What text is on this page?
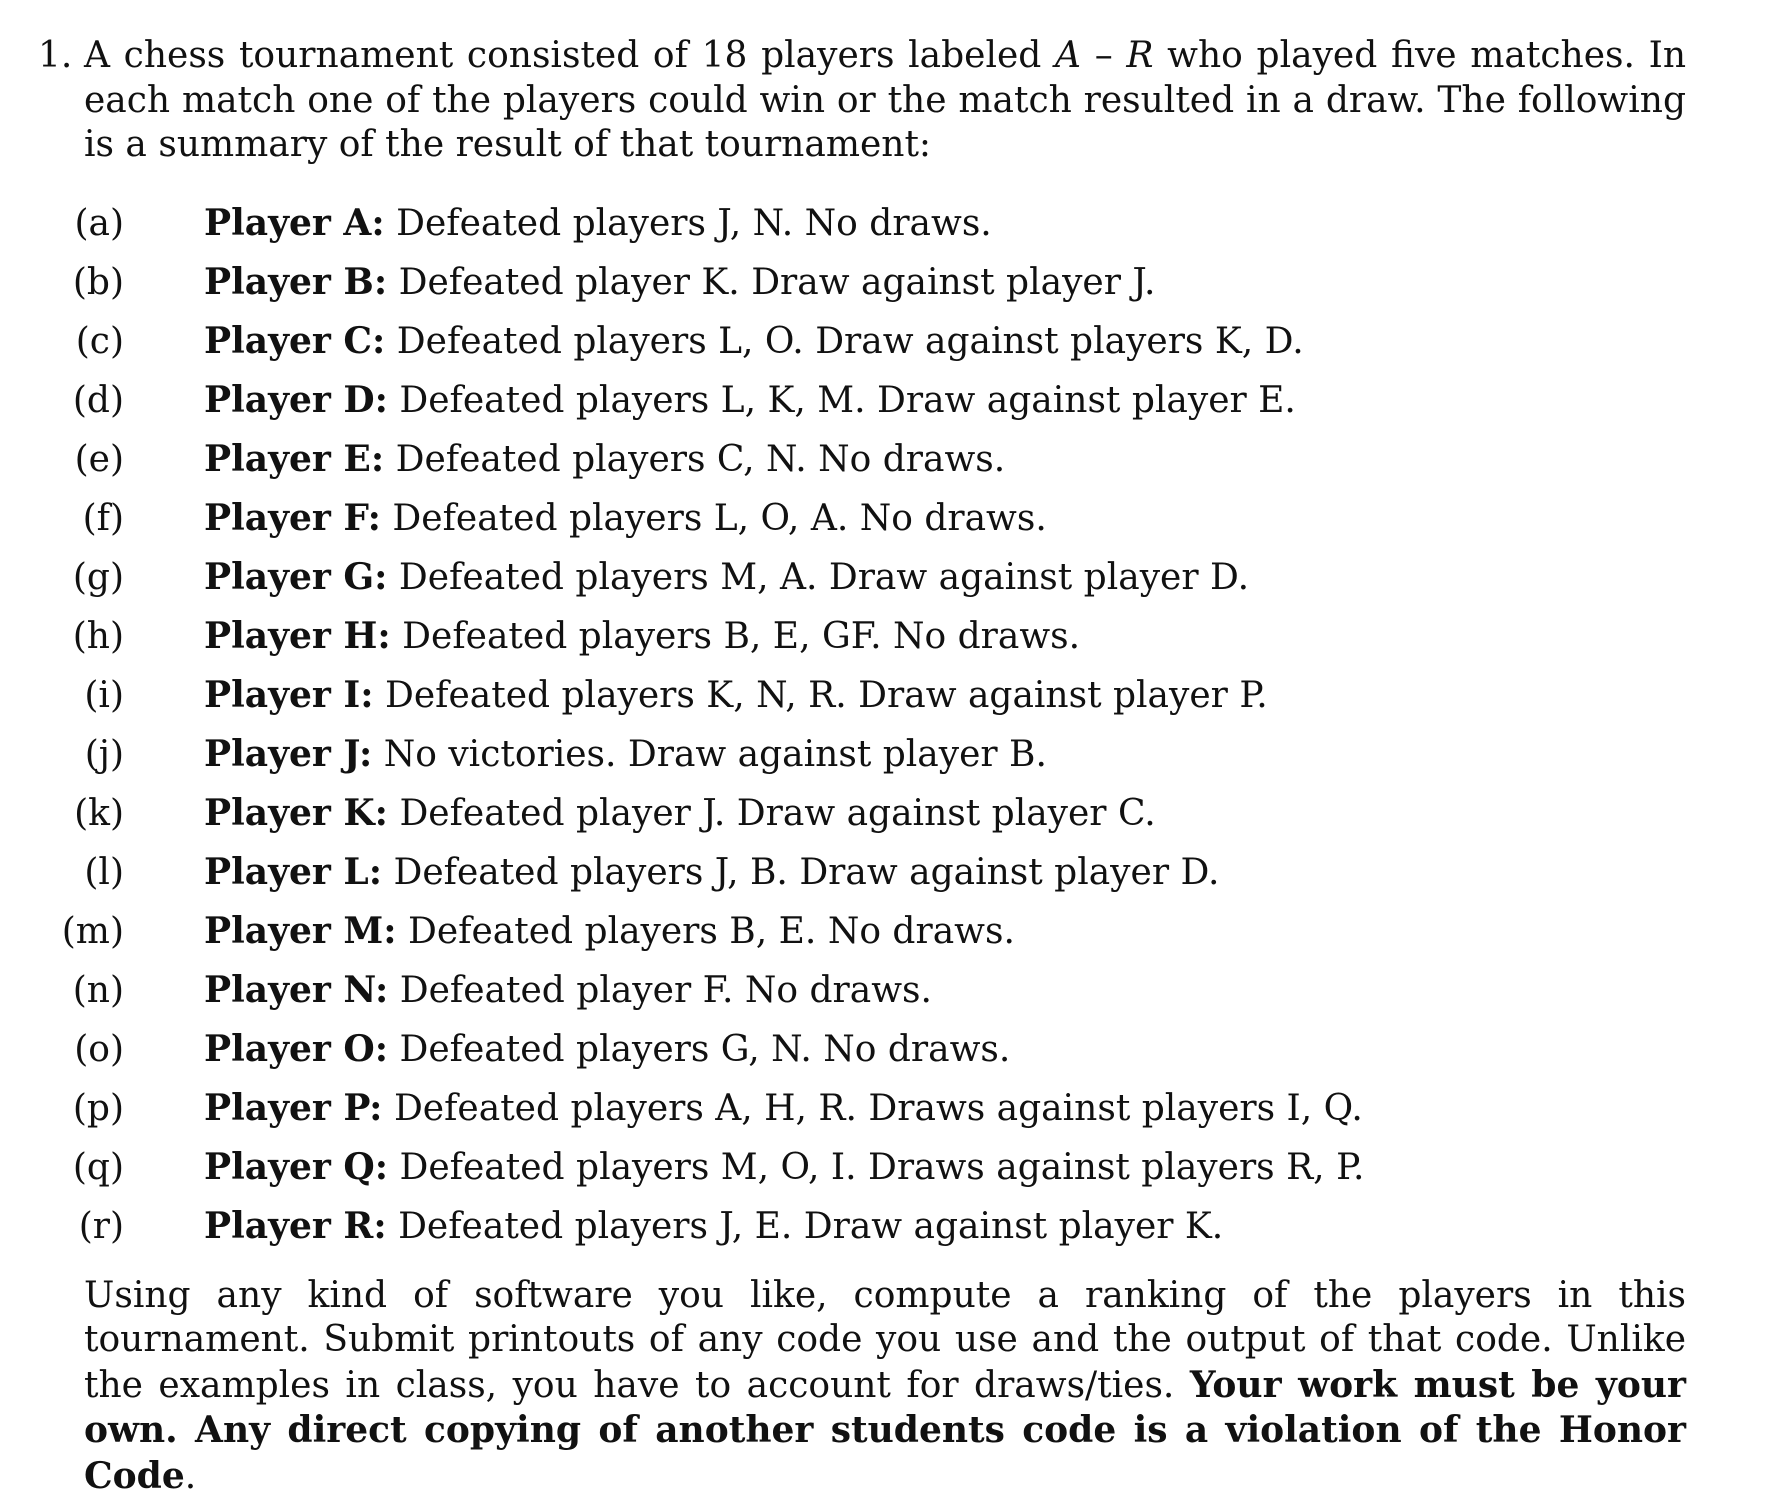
1. A chess tournament consisted of 18 players labeled A – R who played five matches. In each match one of the players could win or the match resulted in a draw. The following is a summary of the result of that tournament:
(a) Player A: Defeated players J, N. No draws.
(b) Player B: Defeated player K. Draw against player J.
(c) Player C: Defeated players L, O. Draw against players K, D.
(d) Player D: Defeated players L, K, M. Draw against player E.
(e) Player E: Defeated players C, N. No draws.
(f) Player F: Defeated players L, O, A. No draws.
(g) Player G: Defeated players M, A. Draw against player D.
(h) Player H: Defeated players B, E, GF. No draws.
(i) Player I: Defeated players K, N, R. Draw against player P.
(j) Player J: No victories. Draw against player B.
(k) Player K: Defeated player J. Draw against player C.
(l) Player L: Defeated players J, B. Draw against player D.
(m) Player M: Defeated players B, E. No draws.
(n) Player N: Defeated player F. No draws.
(o) Player O: Defeated players G, N. No draws.
(p) Player P: Defeated players A, H, R. Draws against players I, Q.
(q) Player Q: Defeated players M, O, I. Draws against players R, P.
(r) Player R: Defeated players J, E. Draw against player K.
Using any kind of software you like, compute a ranking of the players in this tournament. Submit printouts of any code you use and the output of that code. Unlike the examples in class, you have to account for draws/ties. Your work must be your own. Any direct copying of another students code is a violation of the Honor Code.
